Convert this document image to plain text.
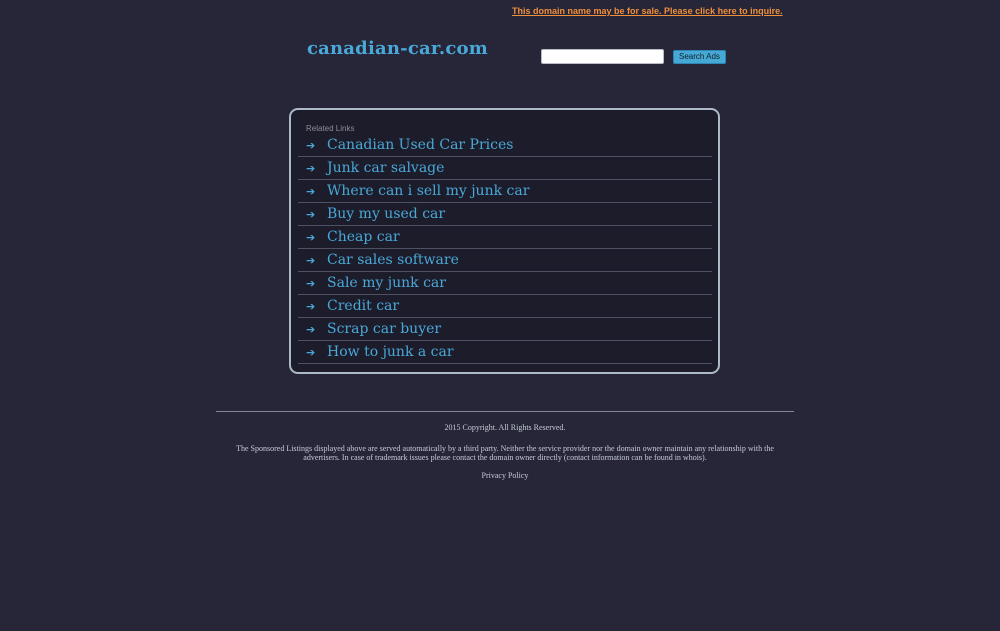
This domain name may be for sale. Please click here to inquire.
canadian-car.com	Search Ads
Related Links
➔ Canadian Used Car Prices
➔ Junk car salvage
➔ Where can i sell my junk car
➔ Buy my used car
➔ Cheap car
➔ Car sales software
➔ Sale my junk car
➔ Credit car
➔ Scrap car buyer
➔ How to junk a car

2015 Copyright. All Rights Reserved.

The Sponsored Listings displayed above are served automatically by a third party. Neither the service provider nor the domain owner maintain any relationship with the advertisers. In case of trademark issues please contact the domain owner directly (contact information can be found in whois).

Privacy Policy
